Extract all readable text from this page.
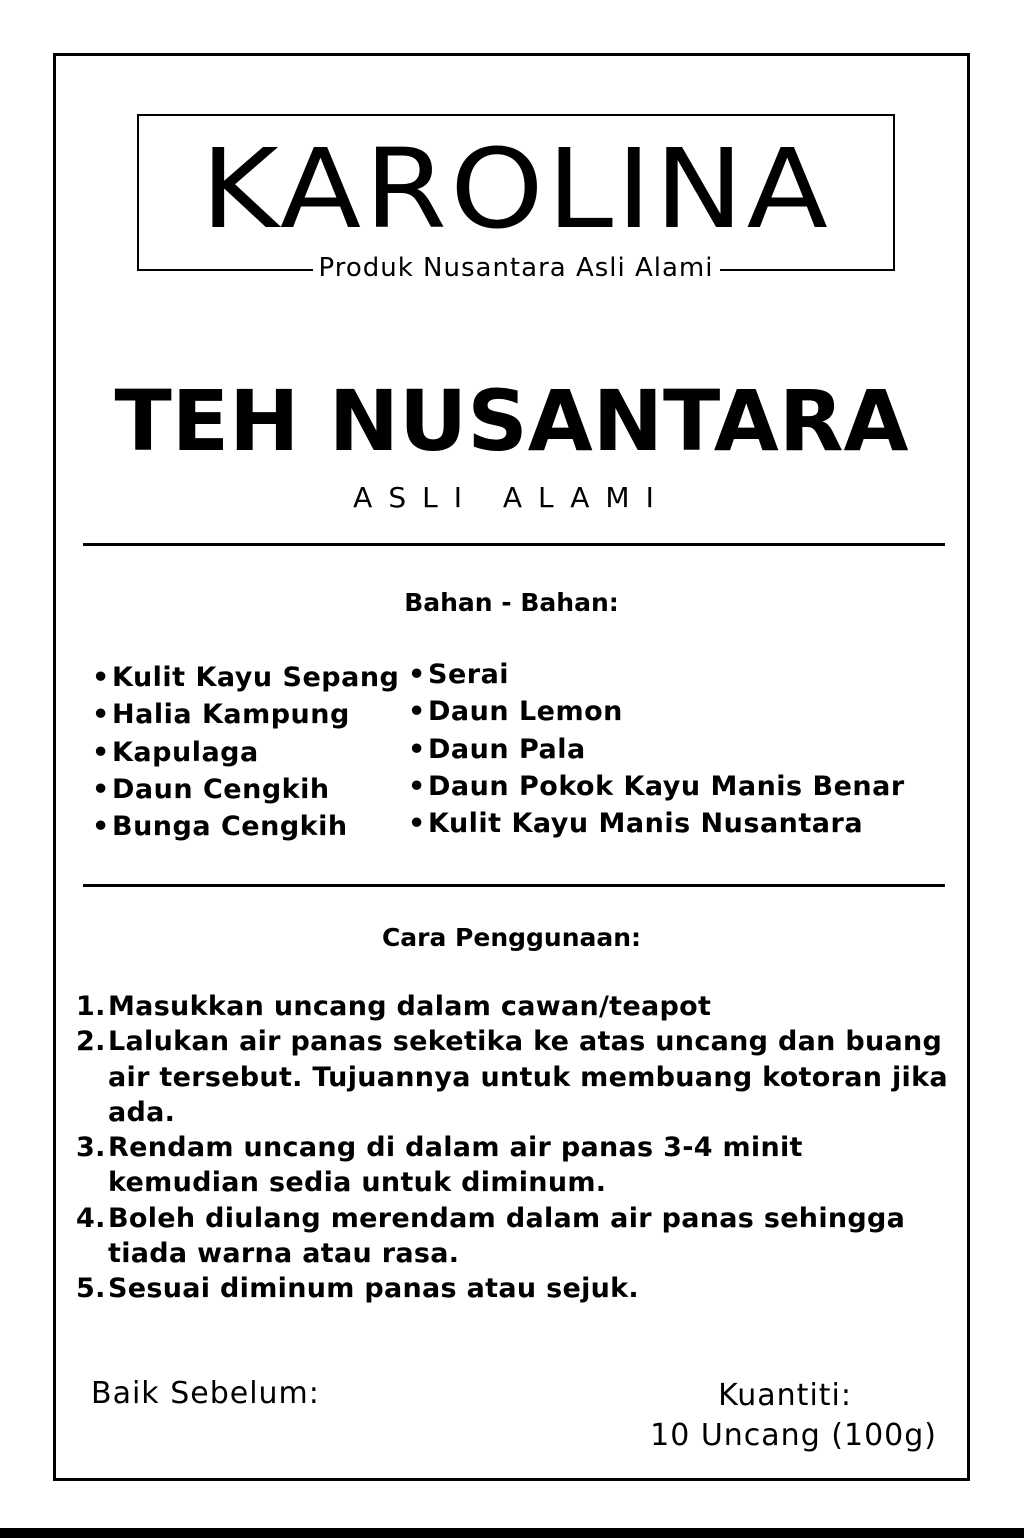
KAROLINA
Produk Nusantara Asli Alami
TEH NUSANTARA
ASLI ALAMI
Bahan - Bahan:
•Kulit Kayu Sepang
•Halia Kampung
•Kapulaga
•Daun Cengkih
•Bunga Cengkih
•Serai
•Daun Lemon
•Daun Pala
•Daun Pokok Kayu Manis Benar
•Kulit Kayu Manis Nusantara
Cara Penggunaan:
1. Masukkan uncang dalam cawan/teapot
2. Lalukan air panas seketika ke atas uncang dan buang air tersebut. Tujuannya untuk membuang kotoran jika ada.
3. Rendam uncang di dalam air panas 3-4 minit kemudian sedia untuk diminum.
4. Boleh diulang merendam dalam air panas sehingga tiada warna atau rasa.
5. Sesuai diminum panas atau sejuk.
Baik Sebelum:	Kuantiti:
10 Uncang (100g)
